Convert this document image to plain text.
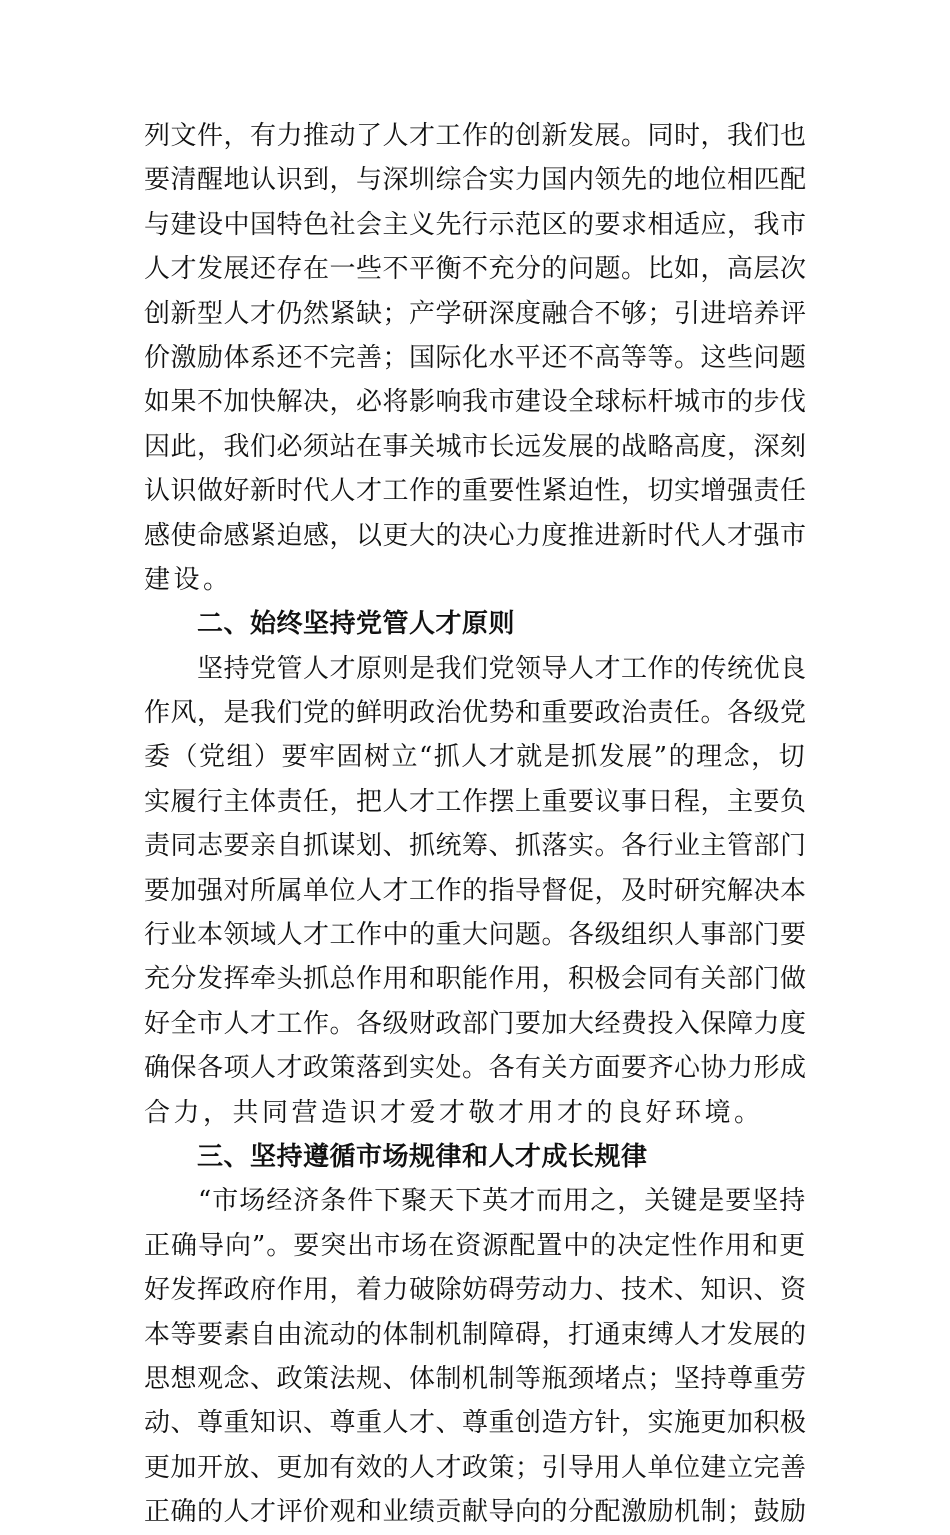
列文件，有力推动了人才工作的创新发展。同时，我们也
要清醒地认识到，与深圳综合实力国内领先的地位相匹配
与建设中国特色社会主义先行示范区的要求相适应，我市
人才发展还存在一些不平衡不充分的问题。比如，高层次
创新型人才仍然紧缺；产学研深度融合不够；引进培养评
价激励体系还不完善；国际化水平还不高等等。这些问题
如果不加快解决，必将影响我市建设全球标杆城市的步伐
因此，我们必须站在事关城市长远发展的战略高度，深刻
认识做好新时代人才工作的重要性紧迫性，切实增强责任
感使命感紧迫感，以更大的决心力度推进新时代人才强市
建设。
　　二、始终坚持党管人才原则
　　坚持党管人才原则是我们党领导人才工作的传统优良
作风，是我们党的鲜明政治优势和重要政治责任。各级党
委（党组）要牢固树立“抓人才就是抓发展”的理念，切
实履行主体责任，把人才工作摆上重要议事日程，主要负
责同志要亲自抓谋划、抓统筹、抓落实。各行业主管部门
要加强对所属单位人才工作的指导督促，及时研究解决本
行业本领域人才工作中的重大问题。各级组织人事部门要
充分发挥牵头抓总作用和职能作用，积极会同有关部门做
好全市人才工作。各级财政部门要加大经费投入保障力度
确保各项人才政策落到实处。各有关方面要齐心协力形成
合力，共同营造识才爱才敬才用才的良好环境。
　　三、坚持遵循市场规律和人才成长规律
　　“市场经济条件下聚天下英才而用之，关键是要坚持
正确导向”。要突出市场在资源配置中的决定性作用和更
好发挥政府作用，着力破除妨碍劳动力、技术、知识、资
本等要素自由流动的体制机制障碍，打通束缚人才发展的
思想观念、政策法规、体制机制等瓶颈堵点；坚持尊重劳
动、尊重知识、尊重人才、尊重创造方针，实施更加积极
更加开放、更加有效的人才政策；引导用人单位建立完善
正确的人才评价观和业绩贡献导向的分配激励机制；鼓励
